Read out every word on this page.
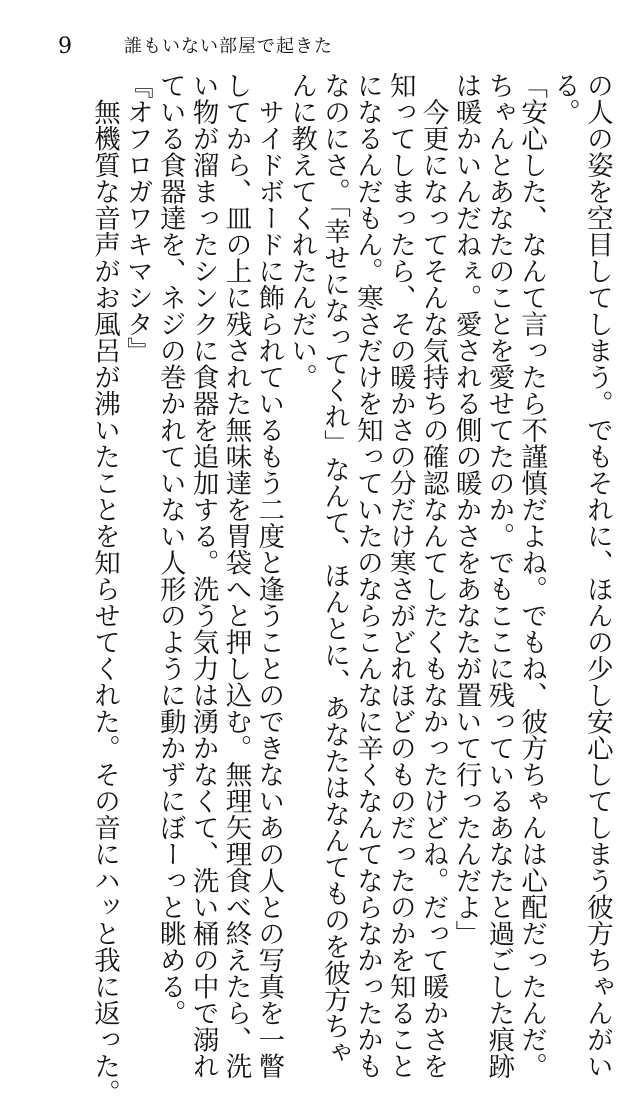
9	誰もいない部屋で起きた
の人の姿を空目してしまう。でもそれに、ほんの少し安心してしまう彼方ちゃんがい
る。
「安心した、なんて言ったら不謹慎だよね。でもね、彼方ちゃんは心配だったんだ。
ちゃんとあなたのことを愛せてたのか。でもここに残っているあなたと過ごした痕跡
は暖かいんだねぇ。愛される側の暖かさをあなたが置いて行ったんだよ」
　今更になってそんな気持ちの確認なんてしたくもなかったけどね。だって暖かさを
知ってしまったら、その暖かさの分だけ寒さがどれほどのものだったのかを知ること
になるんだもん。寒さだけを知っていたのならこんなに辛くなんてならなかったかも
なのにさ。「幸せになってくれ」なんて、ほんとに、あなたはなんてものを彼方ちゃ
んに教えてくれたんだい。
　サイドボードに飾られているもう二度と逢うことのできないあの人との写真を一瞥
してから、皿の上に残された無味達を胃袋へと押し込む。無理矢理食べ終えたら、洗
い物が溜まったシンクに食器を追加する。洗う気力は湧かなくて、洗い桶の中で溺れ
ている食器達を、ネジの巻かれていない人形のように動かずにぼーっと眺める。
『オフロガワキマシタ』
　無機質な音声がお風呂が沸いたことを知らせてくれた。その音にハッと我に返った。
